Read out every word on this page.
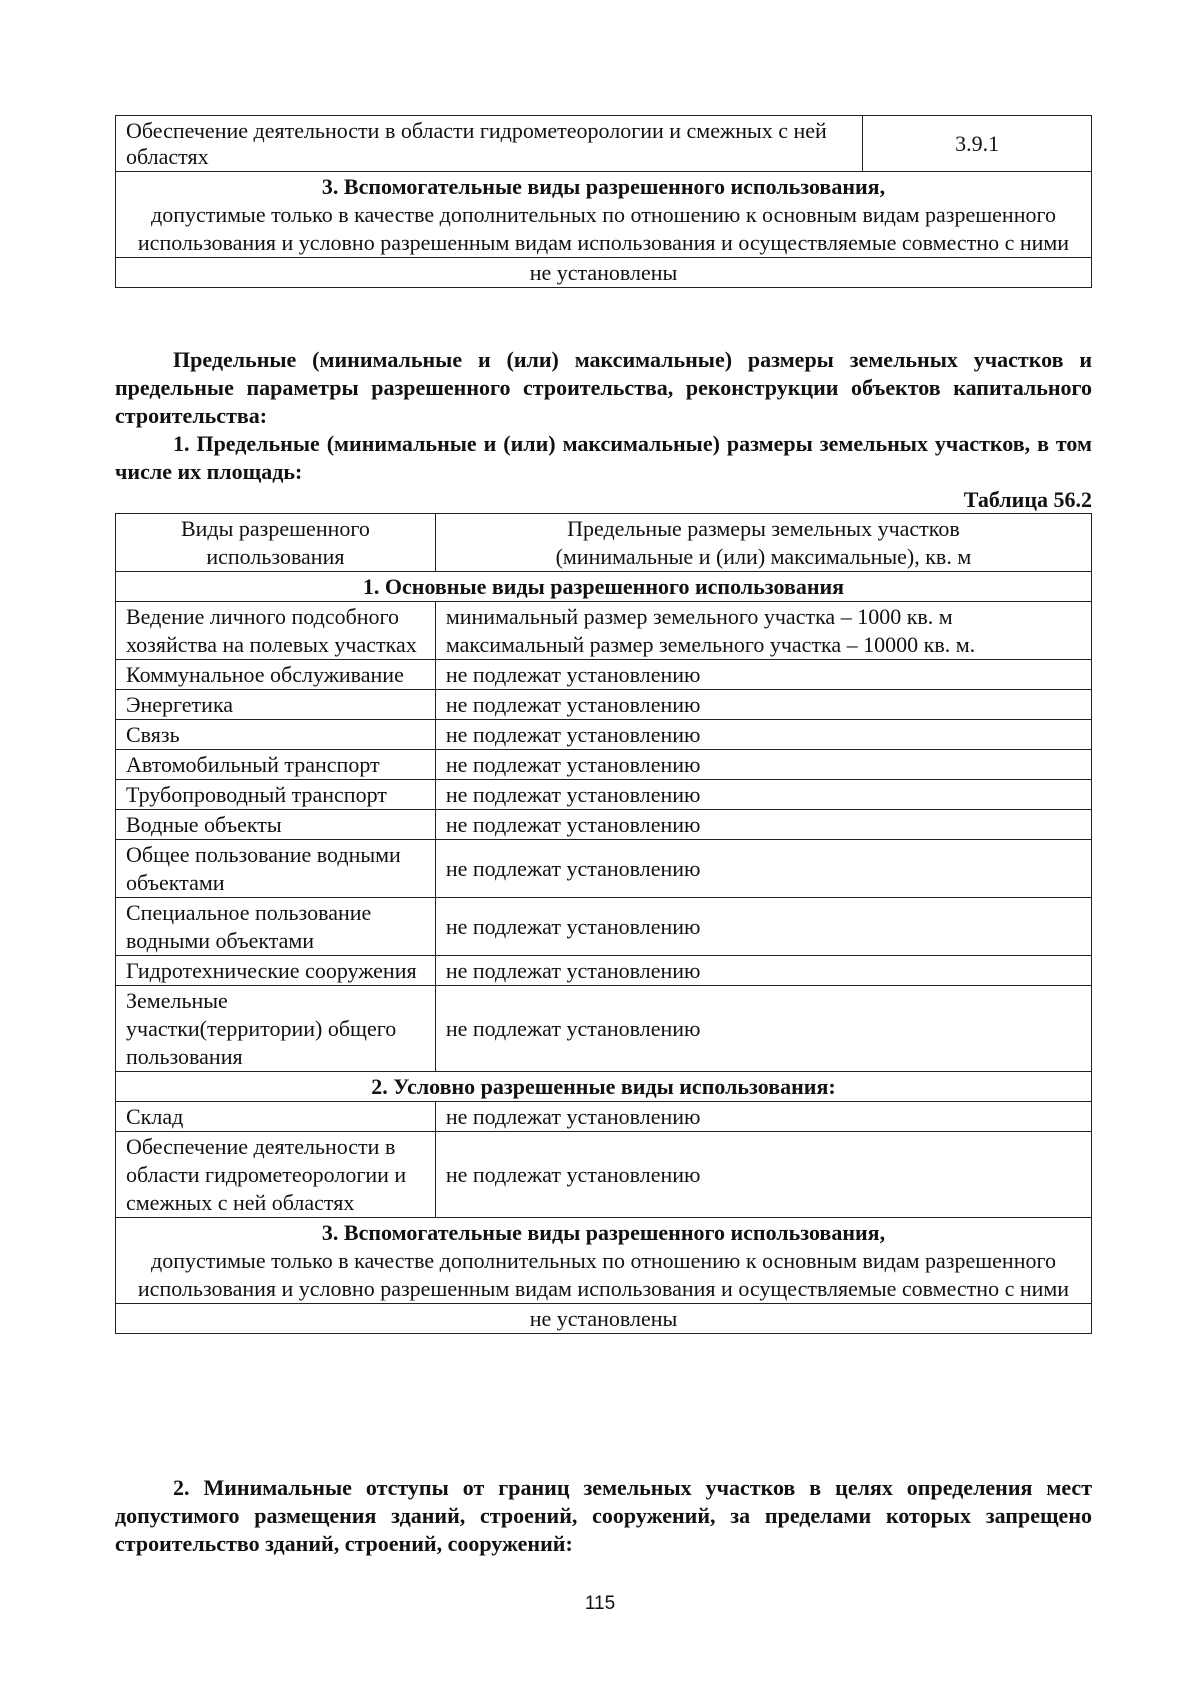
Обеспечение деятельности в области гидрометеорологии и смежных с ней областях	3.9.1

3. Вспомогательные виды разрешенного использования,
допустимые только в качестве дополнительных по отношению к основным видам разрешенного использования и условно разрешенным видам использования и осуществляемые совместно с ними
не установлены

Предельные (минимальные и (или) максимальные) размеры земельных участков и предельные параметры разрешенного строительства, реконструкции объектов капитального строительства:

1. Предельные (минимальные и (или) максимальные) размеры земельных участков, в том числе их площадь:

Таблица 56.2
Виды разрешенного использования	Предельные размеры земельных участков
(минимальные и (или) максимальные), кв. м

1. Основные виды разрешенного использования	
Ведение личного подсобного хозяйства на полевых участках	минимальный размер земельного участка – 1000 кв. м
максимальный размер земельного участка – 10000 кв. м.

Коммунальное обслуживание	не подлежат установлению
Энергетика	не подлежат установлению
Связь	не подлежат установлению
Автомобильный транспорт	не подлежат установлению
Трубопроводный транспорт	не подлежат установлению
Водные объекты	не подлежат установлению
Общее пользование водными объектами	не подлежат установлению
Специальное пользование водными объектами	не подлежат установлению
Гидротехнические сооружения	не подлежат установлению
Земельные участки(территории) общего пользования	не подлежат установлению
2. Условно разрешенные виды использования:	
Склад	не подлежат установлению
Обеспечение деятельности в области гидрометеорологии и смежных с ней областях	не подлежат установлению

3. Вспомогательные виды разрешенного использования,
допустимые только в качестве дополнительных по отношению к основным видам разрешенного использования и условно разрешенным видам использования и осуществляемые совместно с ними	
не установлены	

2. Минимальные отступы от границ земельных участков в целях определения мест допустимого размещения зданий, строений, сооружений, за пределами которых запрещено строительство зданий, строений, сооружений:

115
